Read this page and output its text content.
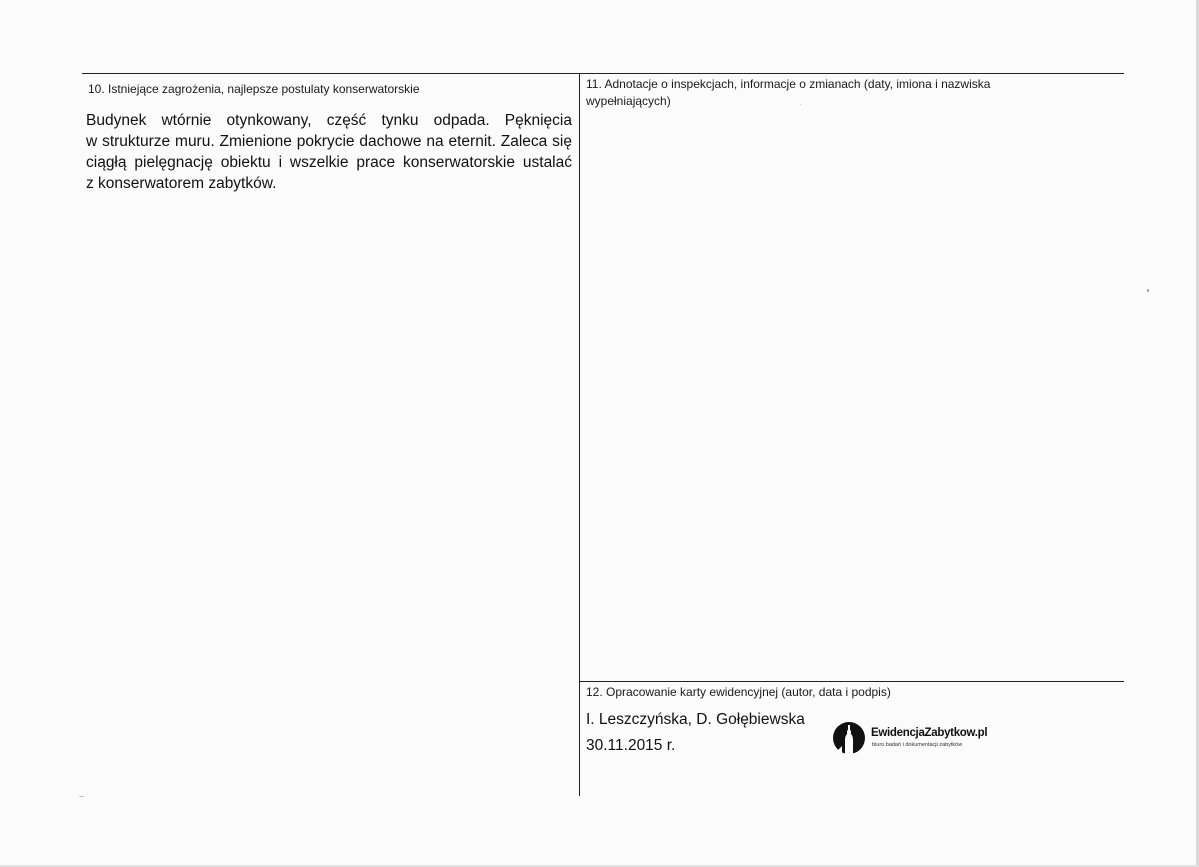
10. Istniejące zagrożenia, najlepsze postulaty konserwatorskie
Budynek wtórnie otynkowany, część tynku odpada. Pęknięcia
w strukturze muru. Zmienione pokrycie dachowe na eternit. Zaleca się
ciągłą pielęgnację obiektu i wszelkie prace konserwatorskie ustalać
z konserwatorem zabytków.
11. Adnotacje o inspekcjach, informacje o zmianach (daty, imiona i nazwiska
wypełniających)
12. Opracowanie karty ewidencyjnej (autor, data i podpis)
I. Leszczyńska, D. Gołębiewska
30.11.2015 r.
EwidencjaZabytkow.pl
biuro badań i dokumentacji zabytków
